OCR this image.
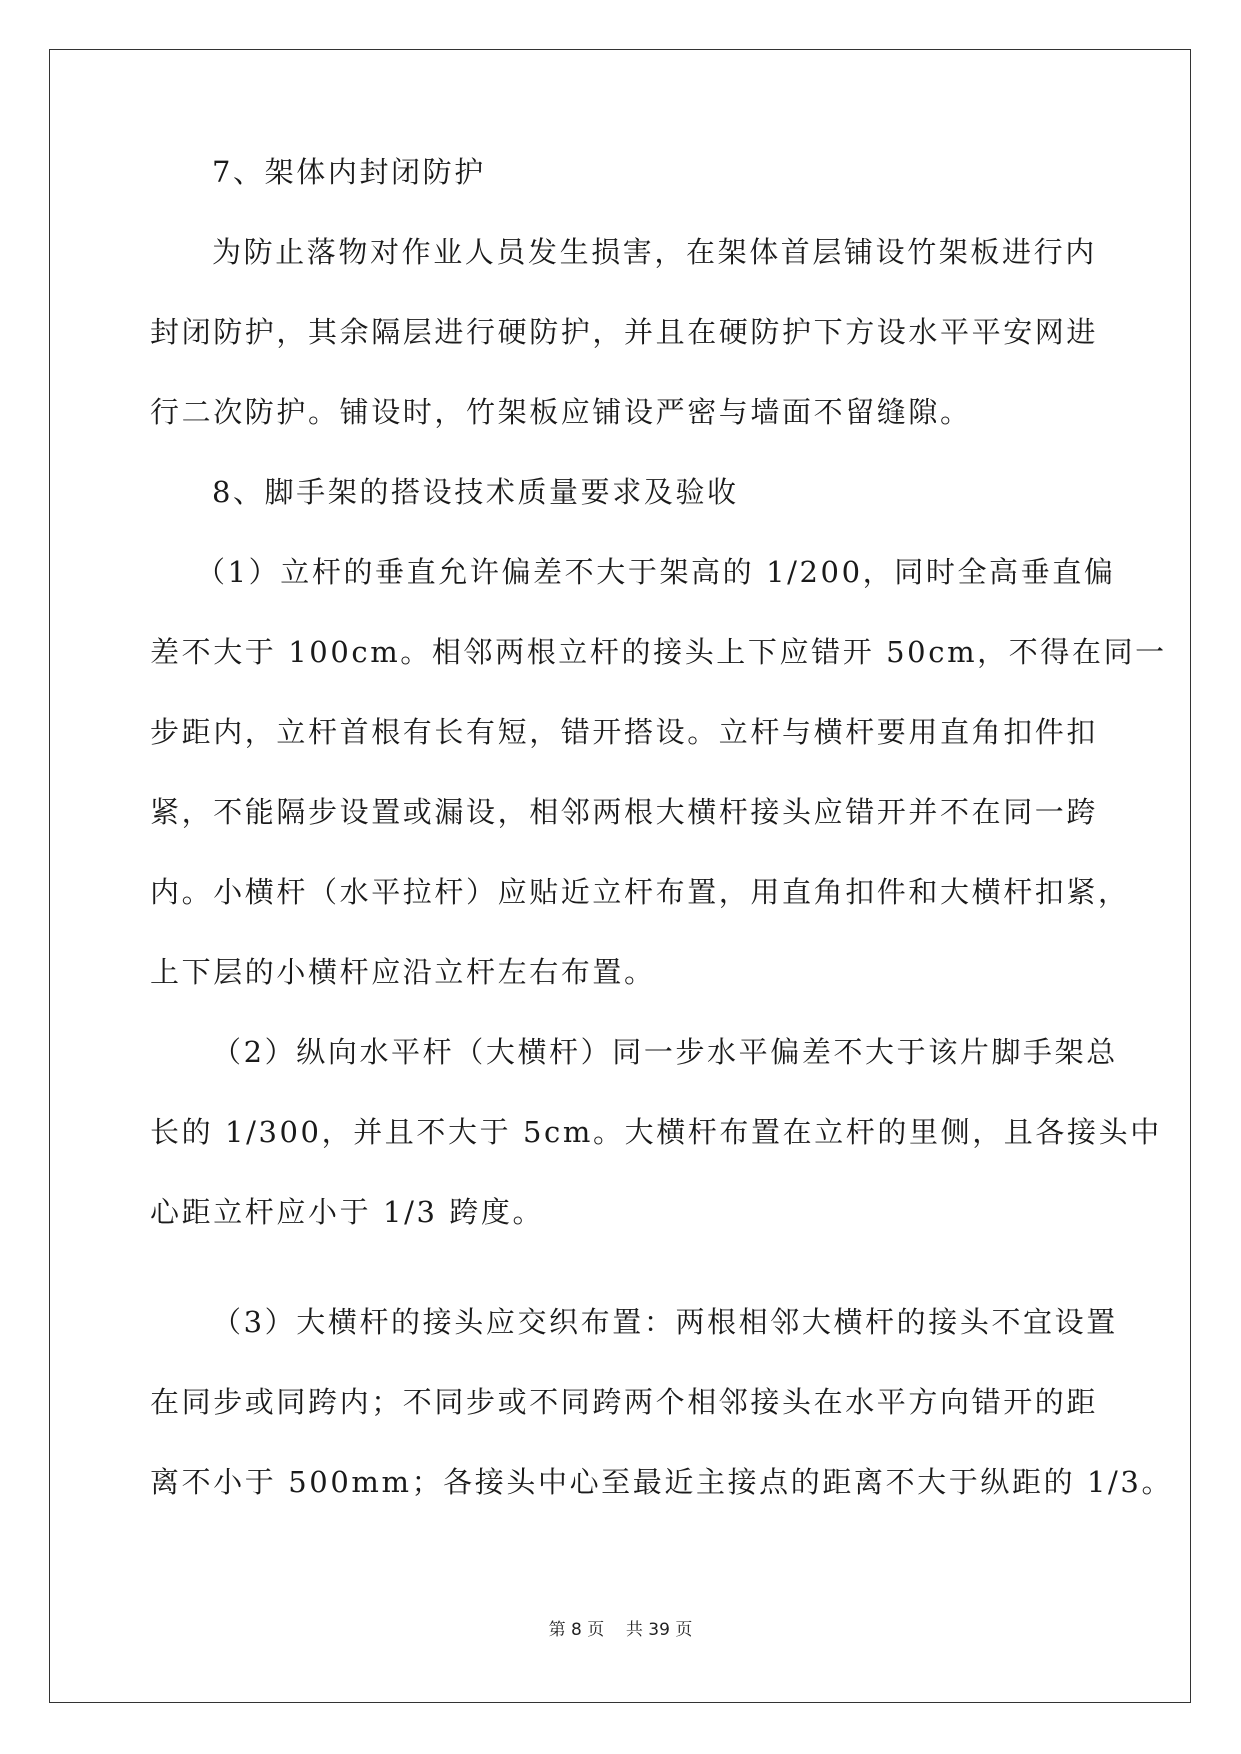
7、架体内封闭防护
为防止落物对作业人员发生损害，在架体首层铺设竹架板进行内
封闭防护，其余隔层进行硬防护，并且在硬防护下方设水平平安网进
行二次防护。铺设时，竹架板应铺设严密与墙面不留缝隙。
8、脚手架的搭设技术质量要求及验收
（1）立杆的垂直允许偏差不大于架高的 1/200，同时全高垂直偏
差不大于 100cm。相邻两根立杆的接头上下应错开 50cm，不得在同一
步距内，立杆首根有长有短，错开搭设。立杆与横杆要用直角扣件扣
紧，不能隔步设置或漏设，相邻两根大横杆接头应错开并不在同一跨
内。小横杆（水平拉杆）应贴近立杆布置，用直角扣件和大横杆扣紧，
上下层的小横杆应沿立杆左右布置。
（2）纵向水平杆（大横杆）同一步水平偏差不大于该片脚手架总
长的 1/300，并且不大于 5cm。大横杆布置在立杆的里侧，且各接头中
心距立杆应小于 1/3 跨度。
（3）大横杆的接头应交织布置：两根相邻大横杆的接头不宜设置
在同步或同跨内；不同步或不同跨两个相邻接头在水平方向错开的距
离不小于 500mm；各接头中心至最近主接点的距离不大于纵距的 1/3。
第 8 页 共 39 页
